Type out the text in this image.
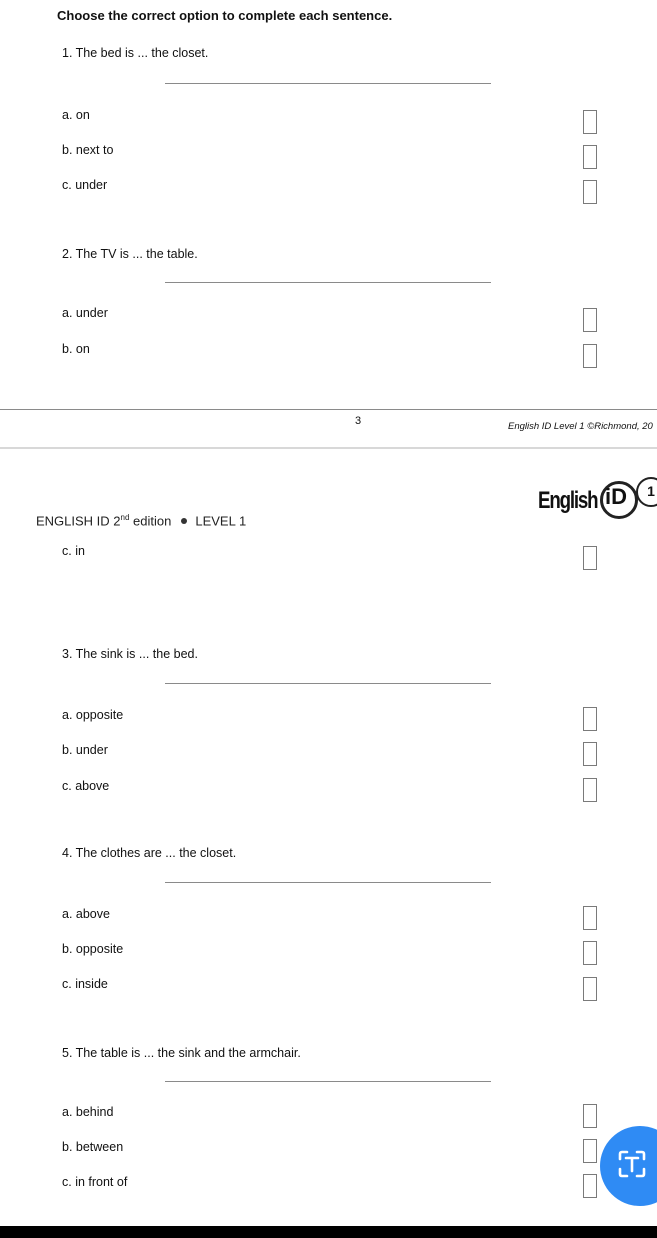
Choose the correct option to complete each sentence.
1. The bed is ... the closet.
a. on
b. next to
c. under
2. The TV is ... the table.
a. under
b. on
3	English ID Level 1 ©Richmond, 20
ENGLISH ID 2nd edition LEVEL 1
English iD	1
c. in
3. The sink is ... the bed.
a. opposite
b. under
c. above
4. The clothes are ... the closet.
a. above
b. opposite
c. inside
5. The table is ... the sink and the armchair.
a. behind
b. between
c. in front of
